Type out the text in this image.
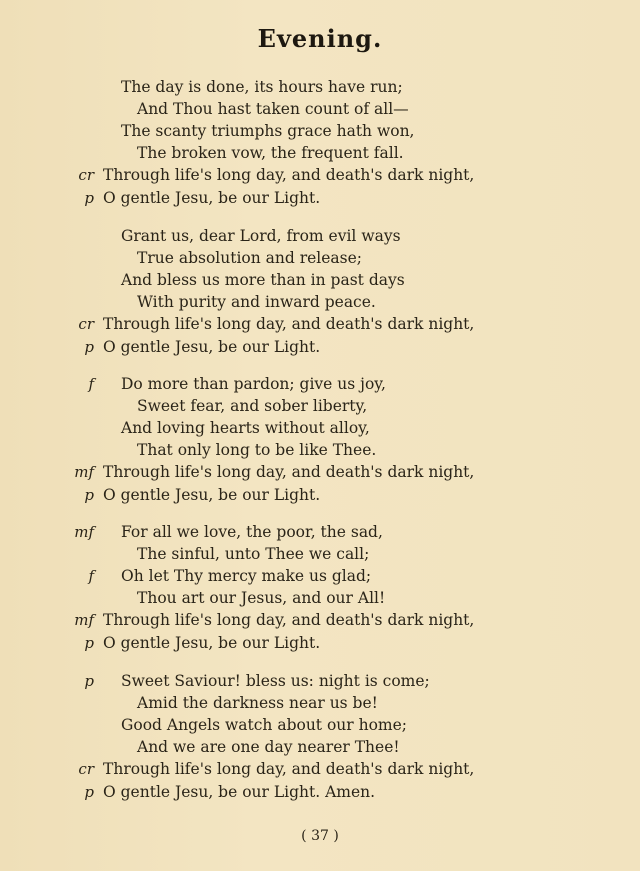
Evening.
The day is done, its hours have run;
And Thou hast taken count of all—
The scanty triumphs grace hath won,
The broken vow, the frequent fall.
cr Through life's long day, and death's dark night,
p O gentle Jesu, be our Light.
Grant us, dear Lord, from evil ways
True absolution and release;
And bless us more than in past days
With purity and inward peace.
cr Through life's long day, and death's dark night,
p O gentle Jesu, be our Light.
f Do more than pardon; give us joy,
Sweet fear, and sober liberty,
And loving hearts without alloy,
That only long to be like Thee.
mf Through life's long day, and death's dark night,
p O gentle Jesu, be our Light.
mf For all we love, the poor, the sad,
The sinful, unto Thee we call;
f Oh let Thy mercy make us glad;
Thou art our Jesus, and our All!
mf Through life's long day, and death's dark night,
p O gentle Jesu, be our Light.
p Sweet Saviour! bless us: night is come;
Amid the darkness near us be!
Good Angels watch about our home;
And we are one day nearer Thee!
cr Through life's long day, and death's dark night,
p O gentle Jesu, be our Light. Amen.
( 37 )
